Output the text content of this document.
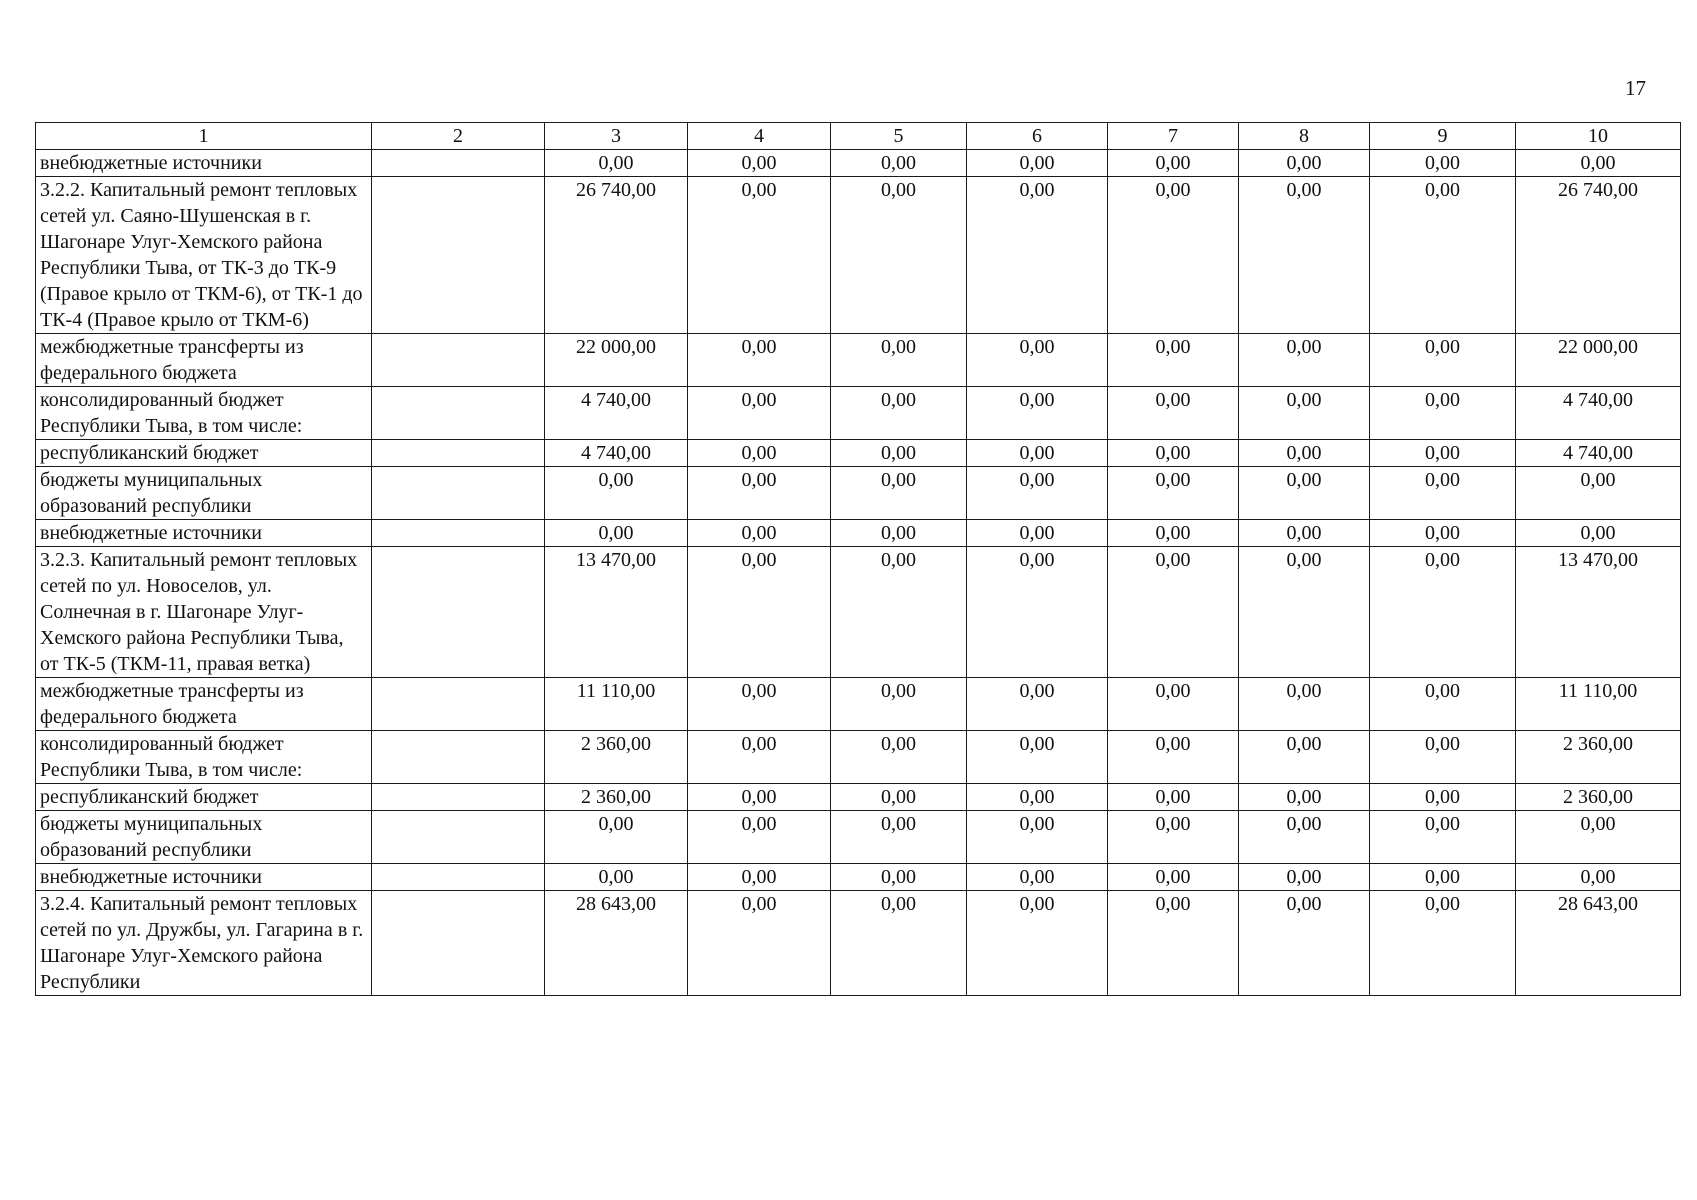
17
1	2	3	4	5	6	7	8	9	10
внебюджетные источники		0,00	0,00	0,00	0,00	0,00	0,00	0,00	0,00
3.2.2. Капитальный ремонт тепловых сетей ул. Саяно-Шушенская в г. Шагонаре Улуг-Хемского района Республики Тыва, от ТК-3 до ТК-9 (Правое крыло от ТКМ-6), от ТК-1 до ТК-4 (Правое крыло от ТКМ-6)		26 740,00	0,00	0,00	0,00	0,00	0,00	0,00	26 740,00
межбюджетные трансферты из федерального бюджета		22 000,00	0,00	0,00	0,00	0,00	0,00	0,00	22 000,00
консолидированный бюджет Республики Тыва, в том числе:		4 740,00	0,00	0,00	0,00	0,00	0,00	0,00	4 740,00
республиканский бюджет		4 740,00	0,00	0,00	0,00	0,00	0,00	0,00	4 740,00
бюджеты муниципальных образований республики		0,00	0,00	0,00	0,00	0,00	0,00	0,00	0,00
внебюджетные источники		0,00	0,00	0,00	0,00	0,00	0,00	0,00	0,00
3.2.3. Капитальный ремонт тепловых сетей по ул. Новоселов, ул. Солнечная в г. Шагонаре Улуг-Хемского района Республики Тыва, от ТК-5 (ТКМ-11, правая ветка)		13 470,00	0,00	0,00	0,00	0,00	0,00	0,00	13 470,00
межбюджетные трансферты из федерального бюджета		11 110,00	0,00	0,00	0,00	0,00	0,00	0,00	11 110,00
консолидированный бюджет Республики Тыва, в том числе:		2 360,00	0,00	0,00	0,00	0,00	0,00	0,00	2 360,00
республиканский бюджет		2 360,00	0,00	0,00	0,00	0,00	0,00	0,00	2 360,00
бюджеты муниципальных образований республики		0,00	0,00	0,00	0,00	0,00	0,00	0,00	0,00
внебюджетные источники		0,00	0,00	0,00	0,00	0,00	0,00	0,00	0,00
3.2.4. Капитальный ремонт тепловых сетей по ул. Дружбы, ул. Гагарина в г. Шагонаре Улуг-Хемского района Республики		28 643,00	0,00	0,00	0,00	0,00	0,00	0,00	28 643,00
